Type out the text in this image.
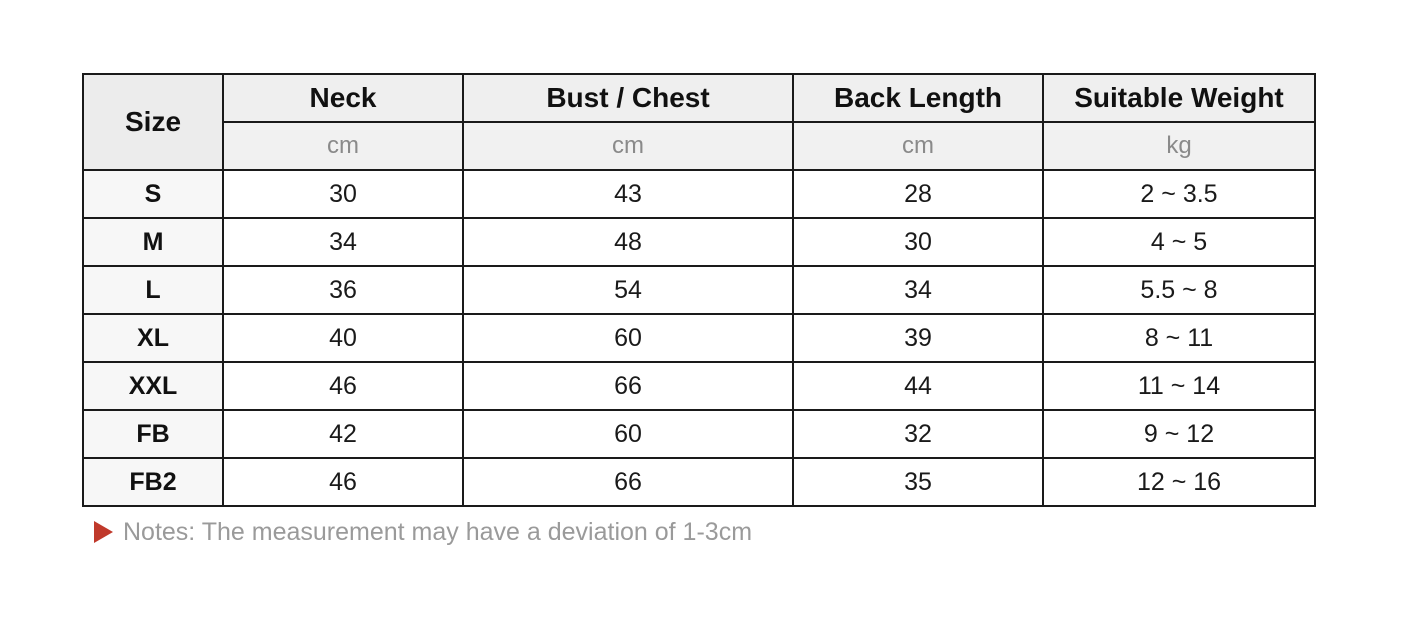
Size	Neck	Bust / Chest	Back Length	Suitable Weight
	cm	cm	cm	kg
S	30	43	28	2 ~ 3.5
M	34	48	30	4 ~ 5
L	36	54	34	5.5 ~ 8
XL	40	60	39	8 ~ 11
XXL	46	66	44	11 ~ 14
FB	42	60	32	9 ~ 12
FB2	46	66	35	12 ~ 16
Notes: The measurement may have a deviation of 1-3cm
